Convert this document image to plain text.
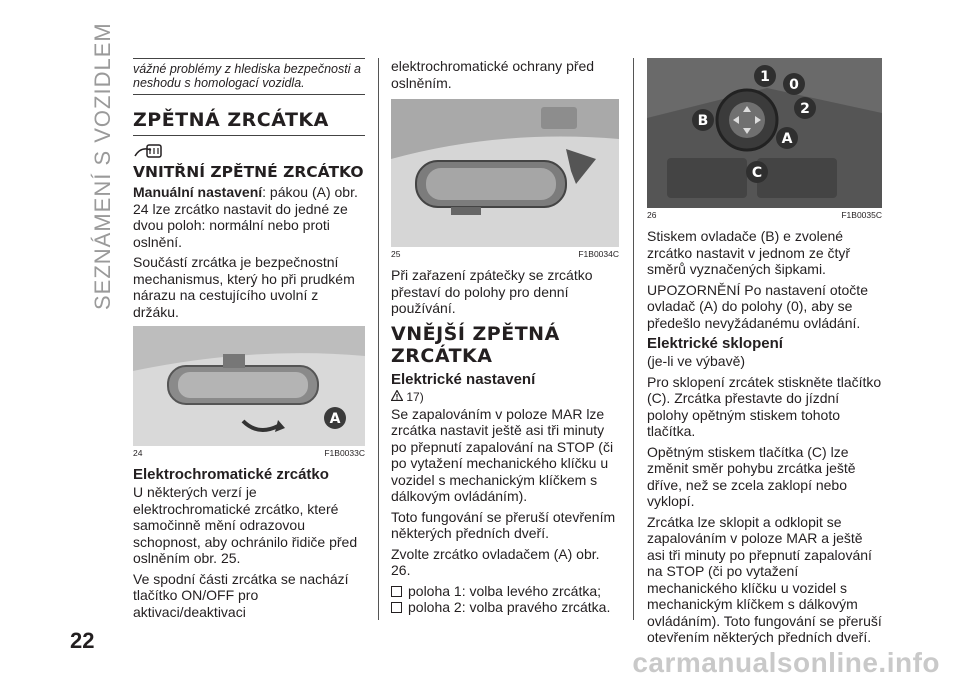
SEZNÁMENÍ S VOZIDLEM vážné problémy z hlediska bezpečnosti a neshodu s homologací vozidla.
ZPĚTNÁ ZRCÁTKA
VNITŘNÍ ZPĚTNÉ ZRCÁTKO

Manuální nastavení: pákou (A) obr. 24 lze zrcátko nastavit do jedné ze dvou poloh: normální nebo proti oslnění.

Součástí zrcátka je bezpečnostní mechanismus, který ho při prudkém nárazu na cestujícího uvolní z držáku.

A
24	F1B0033C
Elektrochromatické zrcátko

U některých verzí je elektrochromatické zrcátko, které samočinně mění odrazovou schopnost, aby ochránilo řidiče před oslněním obr. 25.

Ve spodní části zrcátka se nachází tlačítko ON/OFF pro aktivaci/deaktivaci

elektrochromatické ochrany před oslněním.

25	F1B0034C

Při zařazení zpátečky se zrcátko přestaví do polohy pro denní používání.

VNĚJŠÍ ZPĚTNÁ ZRCÁTKA
Elektrické nastavení
17)

Se zapalováním v poloze MAR lze zrcátka nastavit ještě asi tři minuty po přepnutí zapalování na STOP (či po vytažení mechanického klíčku u vozidel s mechanickým klíčkem s dálkovým ovládáním).

Toto fungování se přeruší otevřením některých předních dveří.

Zvolte zrcátko ovladačem (A) obr. 26.

poloha 1: volba levého zrcátka;
poloha 2: volba pravého zrcátka.
1 0
2
B
A
C
26	F1B0035C

Stiskem ovladače (B) e zvolené zrcátko nastavit v jednom ze čtyř směrů vyznačených šipkami.

UPOZORNĚNÍ Po nastavení otočte ovladač (A) do polohy (0), aby se předešlo nevyžádanému ovládání.

Elektrické sklopení

(je-li ve výbavě)

Pro sklopení zrcátek stiskněte tlačítko (C). Zrcátka přestavte do jízdní polohy opětným stiskem tohoto tlačítka.

Opětným stiskem tlačítka (C) lze změnit směr pohybu zrcátka ještě dříve, než se zcela zaklopí nebo vyklopí.

Zrcátka lze sklopit a odklopit se zapalováním v poloze MAR a ještě asi tři minuty po přepnutí zapalování na STOP (či po vytažení mechanického klíčku u vozidel s mechanickým klíčkem s dálkovým ovládáním). Toto fungování se přeruší otevřením některých předních dveří.

22
carmanualsonline.info
